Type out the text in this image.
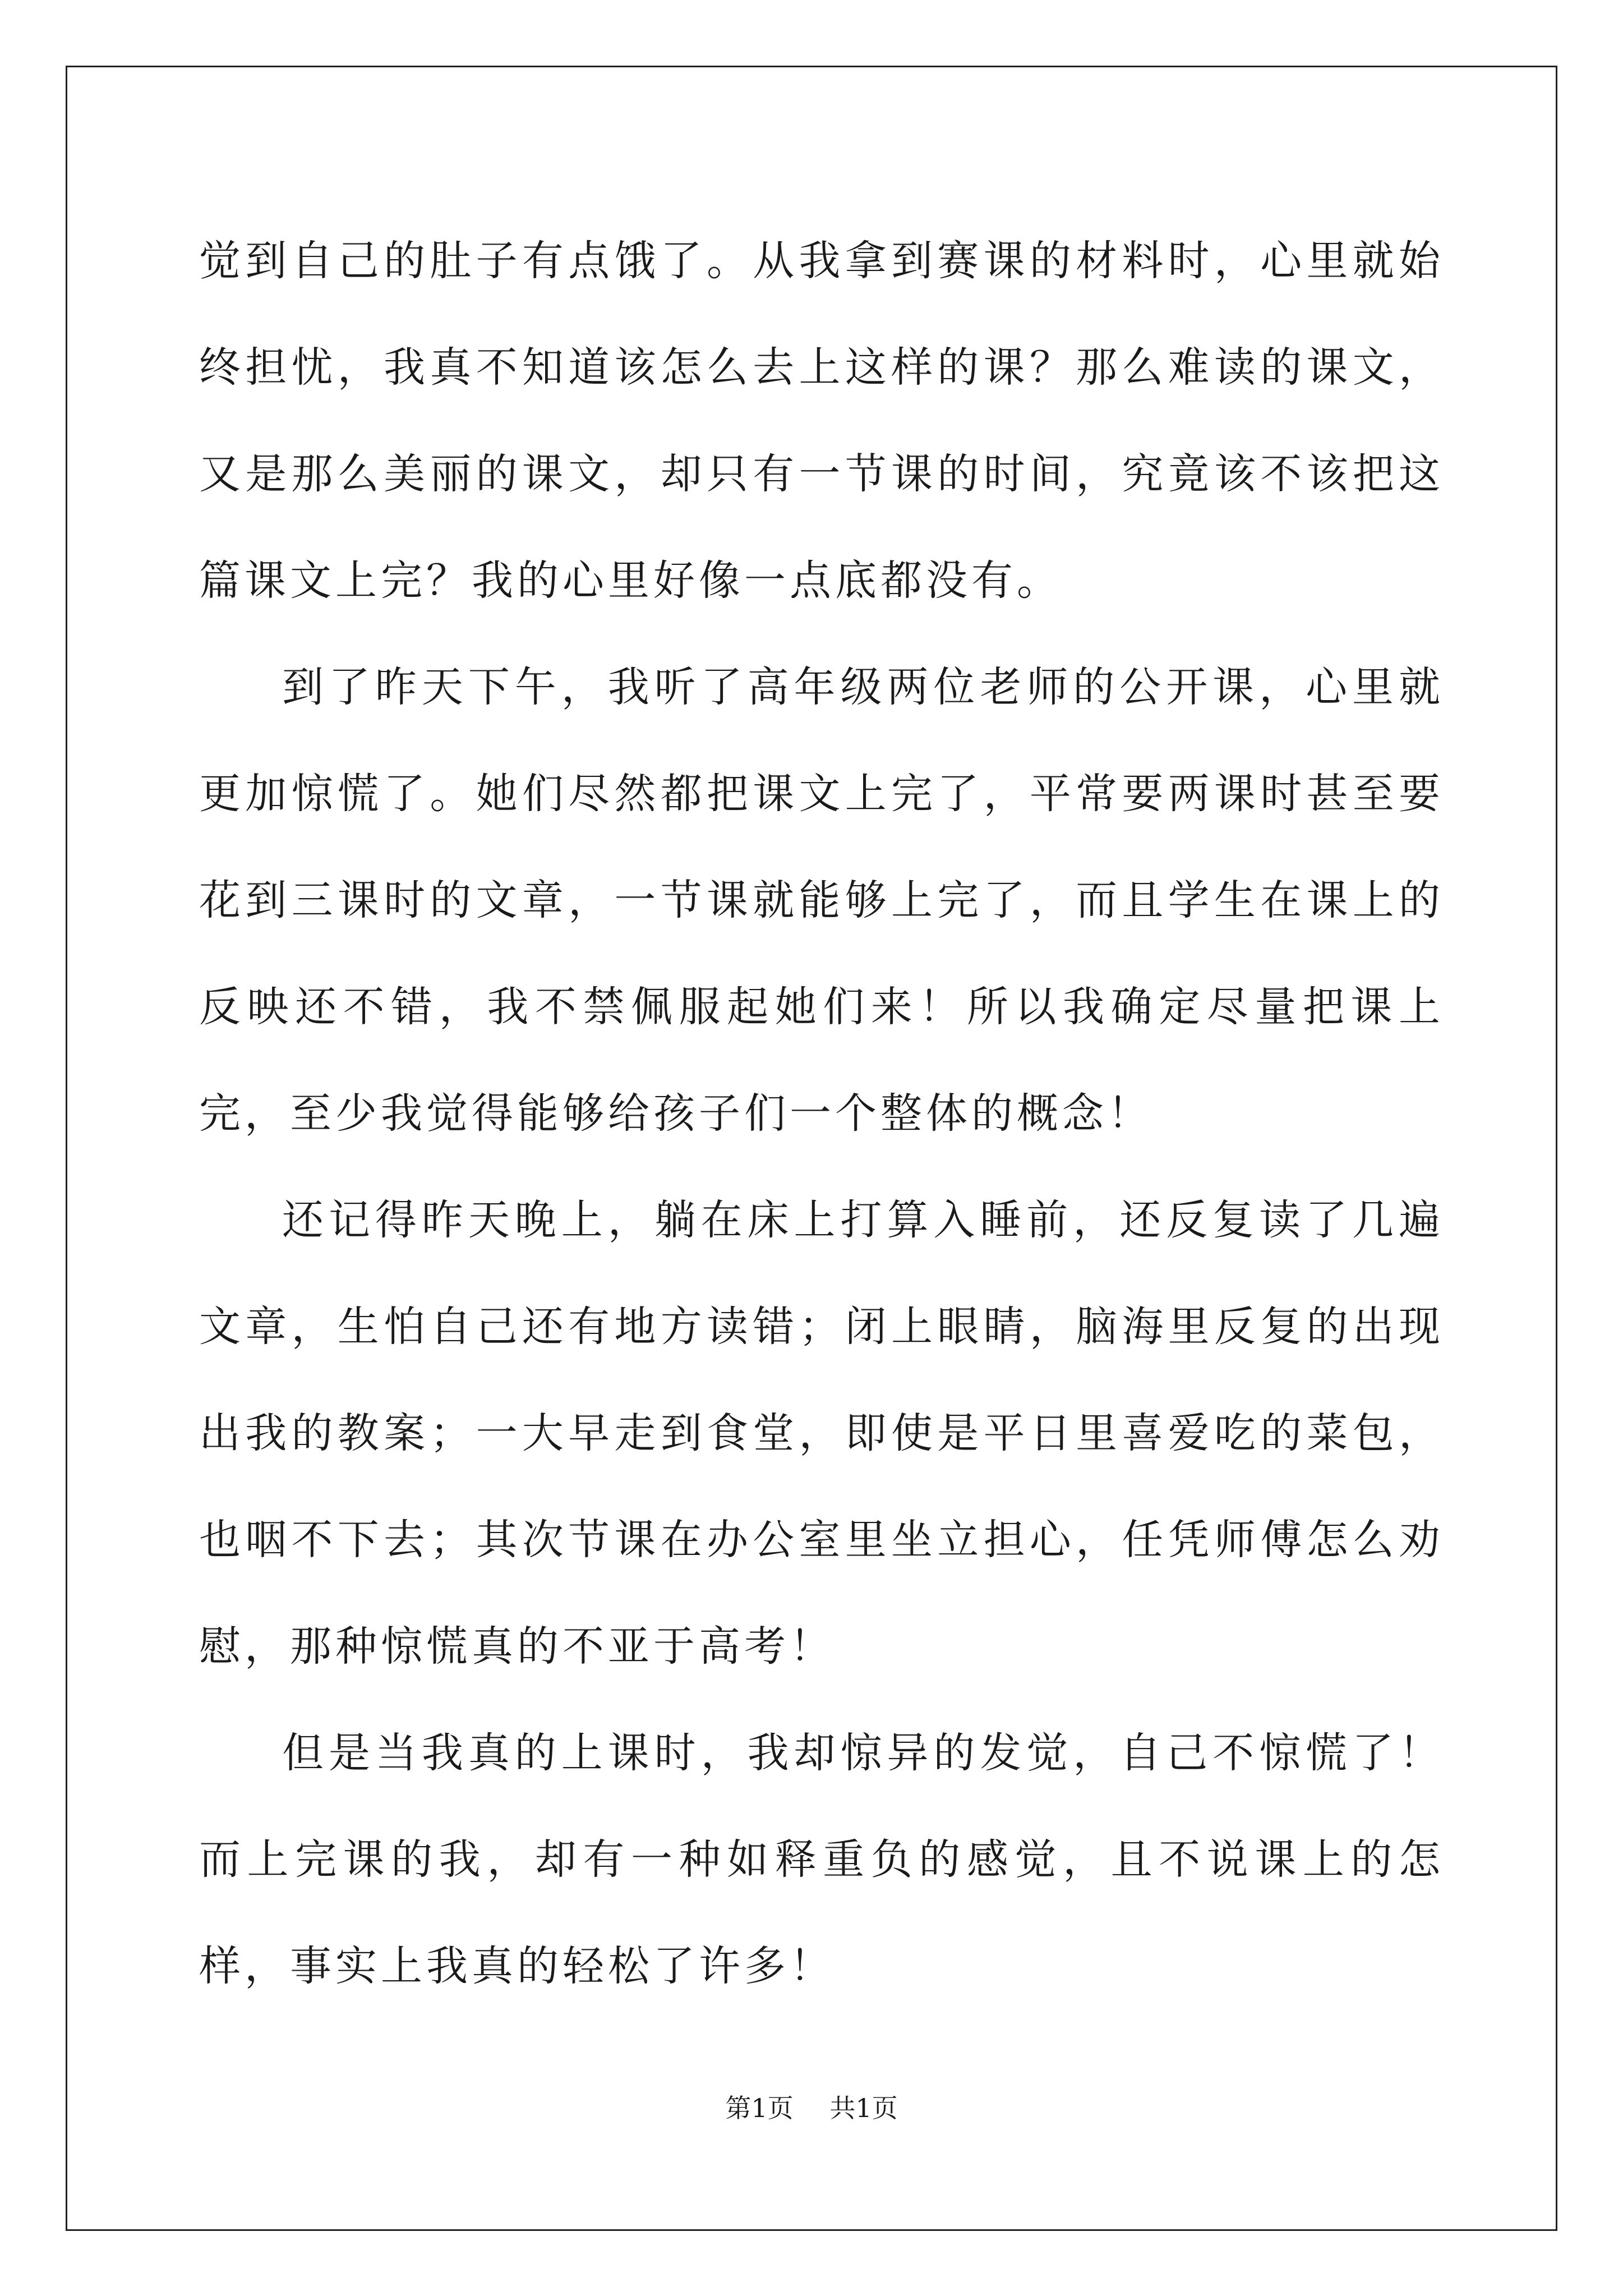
觉到自己的肚子有点饿了。从我拿到赛课的材料时，心里就始终担忧，我真不知道该怎么去上这样的课？那么难读的课文，又是那么美丽的课文，却只有一节课的时间，究竟该不该把这篇课文上完？我的心里好像一点底都没有。

到了昨天下午，我听了高年级两位老师的公开课，心里就更加惊慌了。她们尽然都把课文上完了，平常要两课时甚至要花到三课时的文章，一节课就能够上完了，而且学生在课上的反映还不错，我不禁佩服起她们来！所以我确定尽量把课上完，至少我觉得能够给孩子们一个整体的概念！

还记得昨天晚上，躺在床上打算入睡前，还反复读了几遍文章，生怕自己还有地方读错；闭上眼睛，脑海里反复的出现出我的教案；一大早走到食堂，即使是平日里喜爱吃的菜包，也咽不下去；其次节课在办公室里坐立担心，任凭师傅怎么劝慰，那种惊慌真的不亚于高考！

但是当我真的上课时，我却惊异的发觉，自己不惊慌了！而上完课的我，却有一种如释重负的感觉，且不说课上的怎样，事实上我真的轻松了许多！

第1页 共1页
